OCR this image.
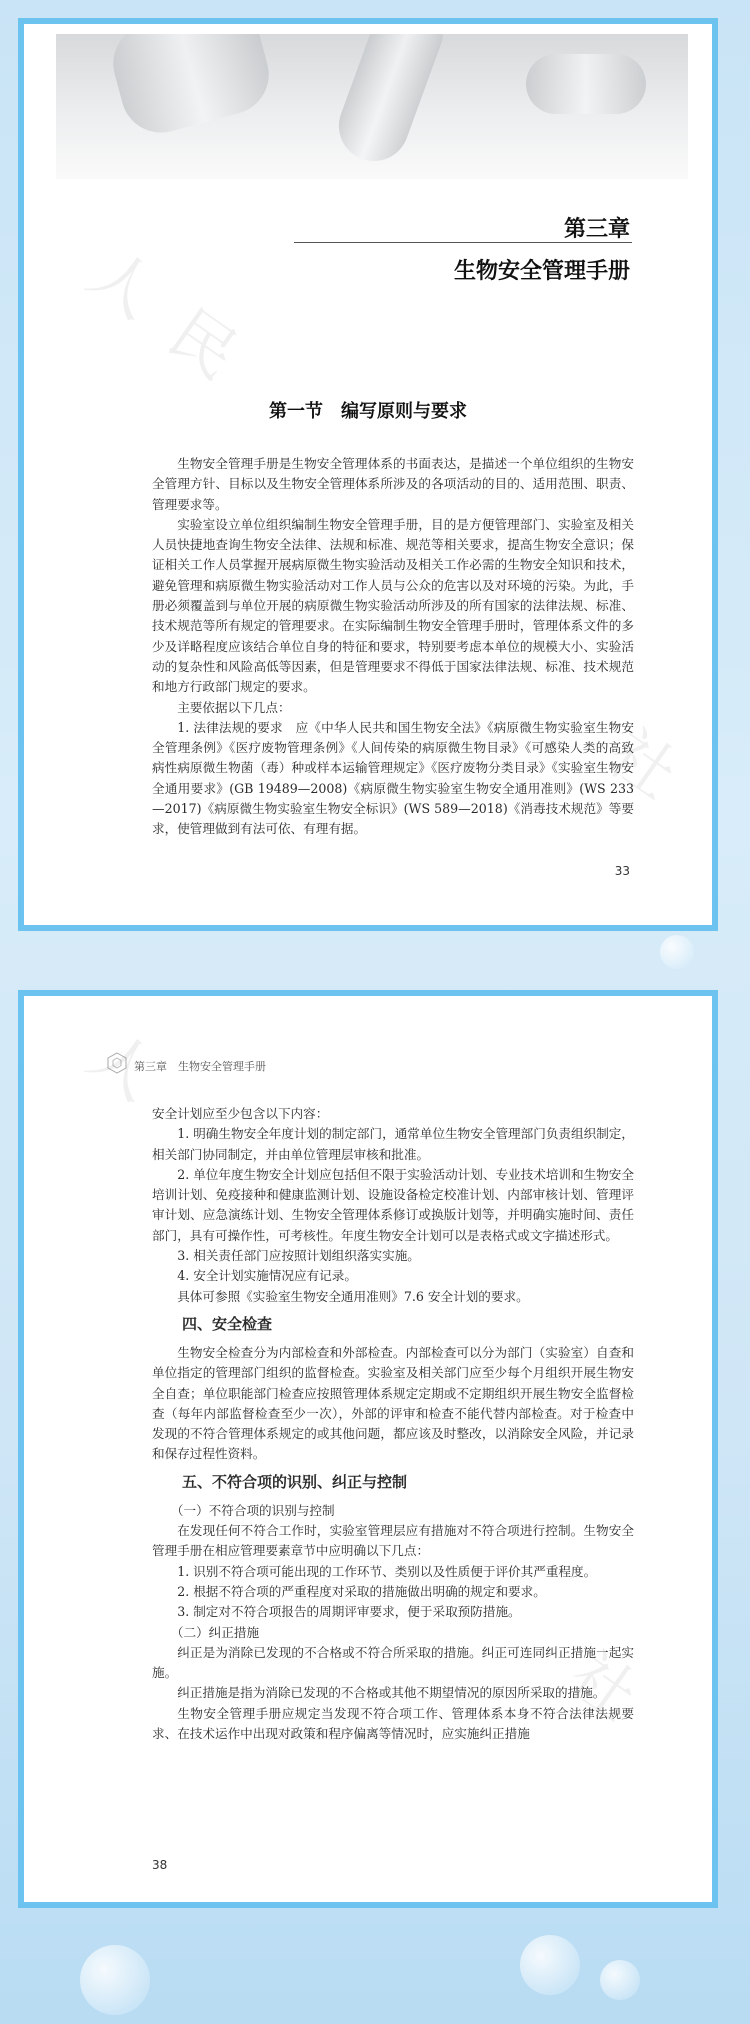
第三章
生物安全管理手册
第一节　编写原则与要求
人
民
社

生物安全管理手册是生物安全管理体系的书面表达，是描述一个单位组织的生物安全管理方针、目标以及生物安全管理体系所涉及的各项活动的目的、适用范围、职责、管理要求等。

实验室设立单位组织编制生物安全管理手册，目的是方便管理部门、实验室及相关人员快捷地查询生物安全法律、法规和标准、规范等相关要求，提高生物安全意识；保证相关工作人员掌握开展病原微生物实验活动及相关工作必需的生物安全知识和技术，避免管理和病原微生物实验活动对工作人员与公众的危害以及对环境的污染。为此，手册必须覆盖到与单位开展的病原微生物实验活动所涉及的所有国家的法律法规、标准、技术规范等所有规定的管理要求。在实际编制生物安全管理手册时，管理体系文件的多少及详略程度应该结合单位自身的特征和要求，特别要考虑本单位的规模大小、实验活动的复杂性和风险高低等因素，但是管理要求不得低于国家法律法规、标准、技术规范和地方行政部门规定的要求。

主要依据以下几点：

1. 法律法规的要求　应《中华人民共和国生物安全法》《病原微生物实验室生物安全管理条例》《医疗废物管理条例》《人间传染的病原微生物目录》《可感染人类的高致病性病原微生物菌（毒）种或样本运输管理规定》《医疗废物分类目录》《实验室生物安全通用要求》(GB 19489—2008)《病原微生物实验室生物安全通用准则》(WS 233—2017)《病原微生物实验室生物安全标识》(WS 589—2018)《消毒技术规范》等要求，使管理做到有法可依、有理有据。

33
第三章　生物安全管理手册
人
社

安全计划应至少包含以下内容：

1. 明确生物安全年度计划的制定部门，通常单位生物安全管理部门负责组织制定，相关部门协同制定，并由单位管理层审核和批准。

2. 单位年度生物安全计划应包括但不限于实验活动计划、专业技术培训和生物安全培训计划、免疫接种和健康监测计划、设施设备检定校准计划、内部审核计划、管理评审计划、应急演练计划、生物安全管理体系修订或换版计划等，并明确实施时间、责任部门，具有可操作性，可考核性。年度生物安全计划可以是表格式或文字描述形式。

3. 相关责任部门应按照计划组织落实实施。

4. 安全计划实施情况应有记录。

具体可参照《实验室生物安全通用准则》7.6 安全计划的要求。

四、安全检查

生物安全检查分为内部检查和外部检查。内部检查可以分为部门（实验室）自查和单位指定的管理部门组织的监督检查。实验室及相关部门应至少每个月组织开展生物安全自查；单位职能部门检查应按照管理体系规定定期或不定期组织开展生物安全监督检查（每年内部监督检查至少一次），外部的评审和检查不能代替内部检查。对于检查中发现的不符合管理体系规定的或其他问题，都应该及时整改，以消除安全风险，并记录和保存过程性资料。

五、不符合项的识别、纠正与控制
（一）不符合项的识别与控制

在发现任何不符合工作时，实验室管理层应有措施对不符合项进行控制。生物安全管理手册在相应管理要素章节中应明确以下几点：

1. 识别不符合项可能出现的工作环节、类别以及性质便于评价其严重程度。

2. 根据不符合项的严重程度对采取的措施做出明确的规定和要求。

3. 制定对不符合项报告的周期评审要求，便于采取预防措施。

（二）纠正措施

纠正是为消除已发现的不合格或不符合所采取的措施。纠正可连同纠正措施一起实施。

纠正措施是指为消除已发现的不合格或其他不期望情况的原因所采取的措施。

生物安全管理手册应规定当发现不符合项工作、管理体系本身不符合法律法规要求、在技术运作中出现对政策和程序偏离等情况时，应实施纠正措施

38
